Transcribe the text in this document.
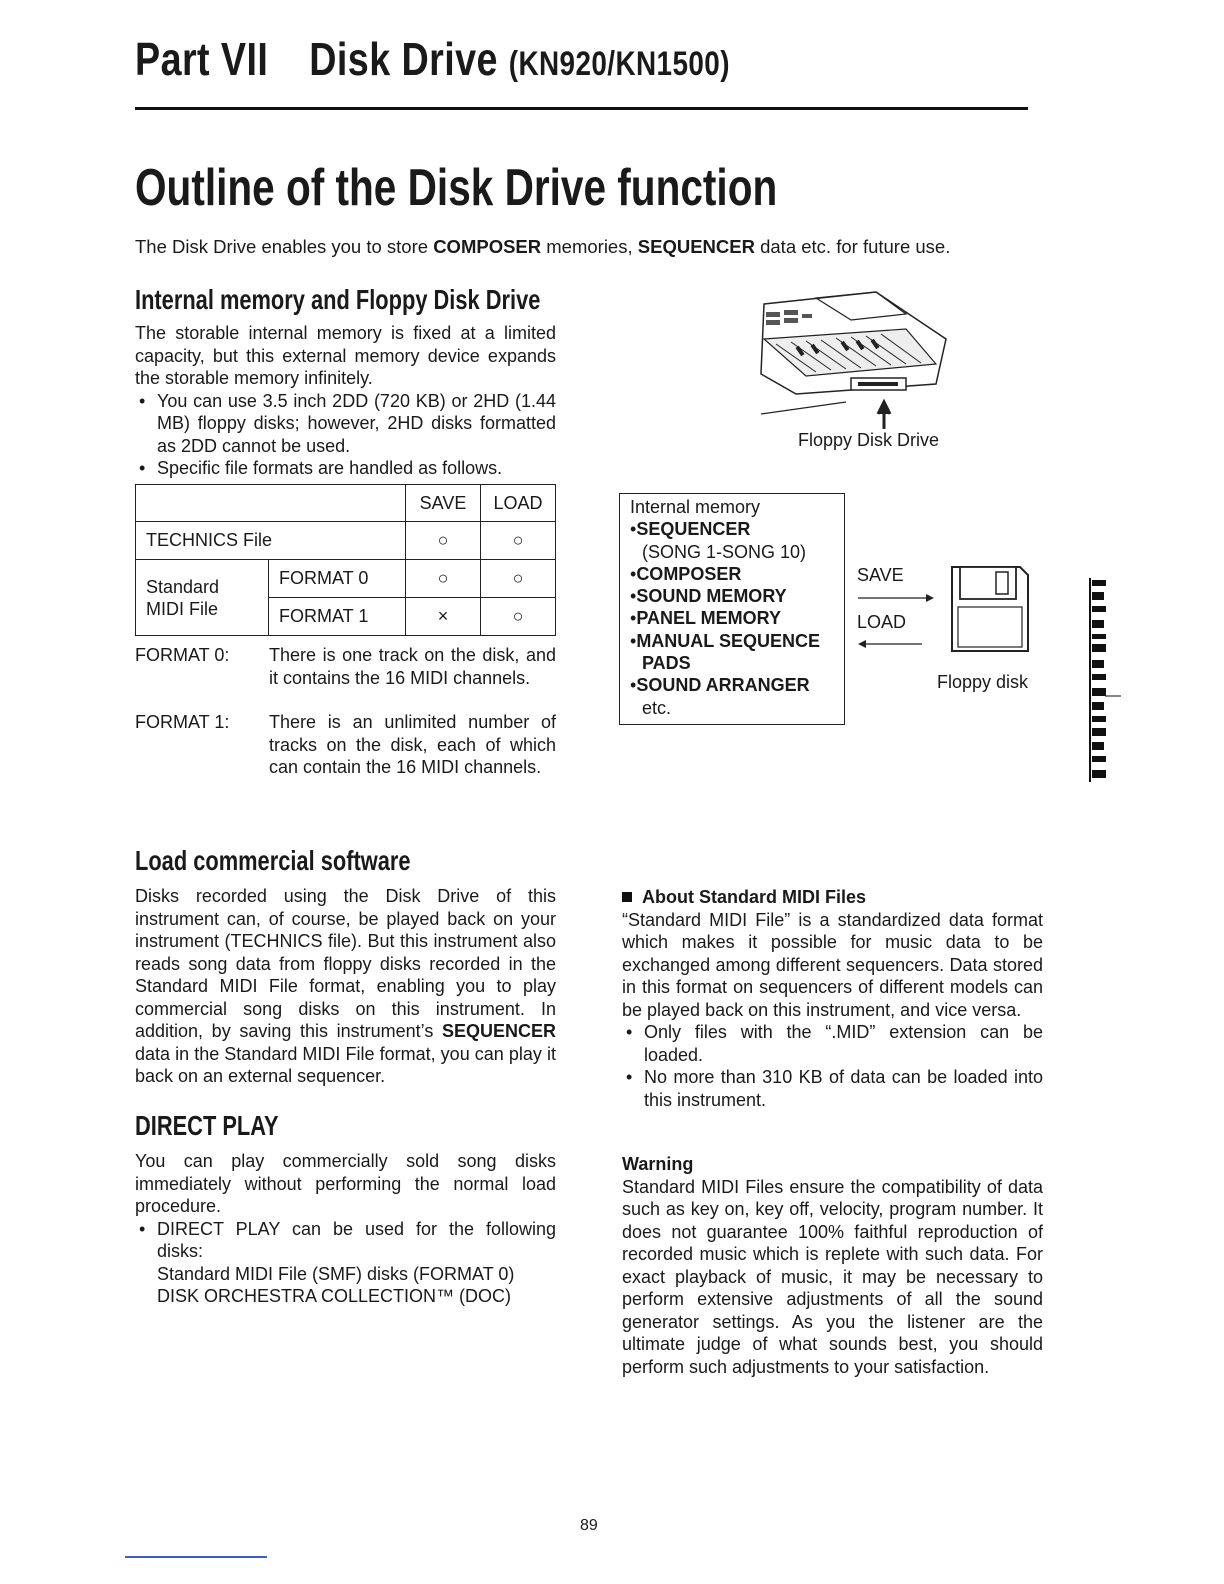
Part VII Disk Drive (KN920/KN1500)
Outline of the Disk Drive function
The Disk Drive enables you to store COMPOSER memories, SEQUENCER data etc. for future use.
Internal memory and Floppy Disk Drive
The storable internal memory is fixed at a limited capacity, but this external memory device expands the storable memory infinitely.
• You can use 3.5 inch 2DD (720 KB) or 2HD (1.44 MB) floppy disks; however, 2HD disks formatted as 2DD cannot be used.
• Specific file formats are handled as follows.
		SAVE	LOAD
TECHNICS File		○	○
Standard
MIDI File	FORMAT 0	○	○
	FORMAT 1	×	○
FORMAT 0: There is one track on the disk, and it contains the 16 MIDI channels.
FORMAT 1: There is an unlimited number of tracks on the disk, each of which can contain the 16 MIDI channels.
Floppy Disk Drive
Internal memory
•SEQUENCER
(SONG 1-SONG 10)
•COMPOSER
•SOUND MEMORY
•PANEL MEMORY
•MANUAL SEQUENCE
PADS
•SOUND ARRANGER
etc.
SAVE
LOAD
Floppy disk
Load commercial software
Disks recorded using the Disk Drive of this instrument can, of course, be played back on your instrument (TECHNICS file). But this instrument also reads song data from floppy disks recorded in the Standard MIDI File format, enabling you to play commercial song disks on this instrument. In addition, by saving this instrument’s SEQUENCER data in the Standard MIDI File format, you can play it back on an external sequencer.
DIRECT PLAY
You can play commercially sold song disks immediately without performing the normal load procedure.
• DIRECT PLAY can be used for the following disks:
Standard MIDI File (SMF) disks (FORMAT 0)
DISK ORCHESTRA COLLECTION™ (DOC)
About Standard MIDI Files
“Standard MIDI File” is a standardized data format which makes it possible for music data to be exchanged among different sequencers. Data stored in this format on sequencers of different models can be played back on this instrument, and vice versa.
• Only files with the “.MID” extension can be loaded.
• No more than 310 KB of data can be loaded into this instrument.
Warning
Standard MIDI Files ensure the compatibility of data such as key on, key off, velocity, program number. It does not guarantee 100% faithful reproduction of recorded music which is replete with such data. For exact playback of music, it may be necessary to perform extensive adjustments of all the sound generator settings. As you the listener are the ultimate judge of what sounds best, you should perform such adjustments to your satisfaction.
89
